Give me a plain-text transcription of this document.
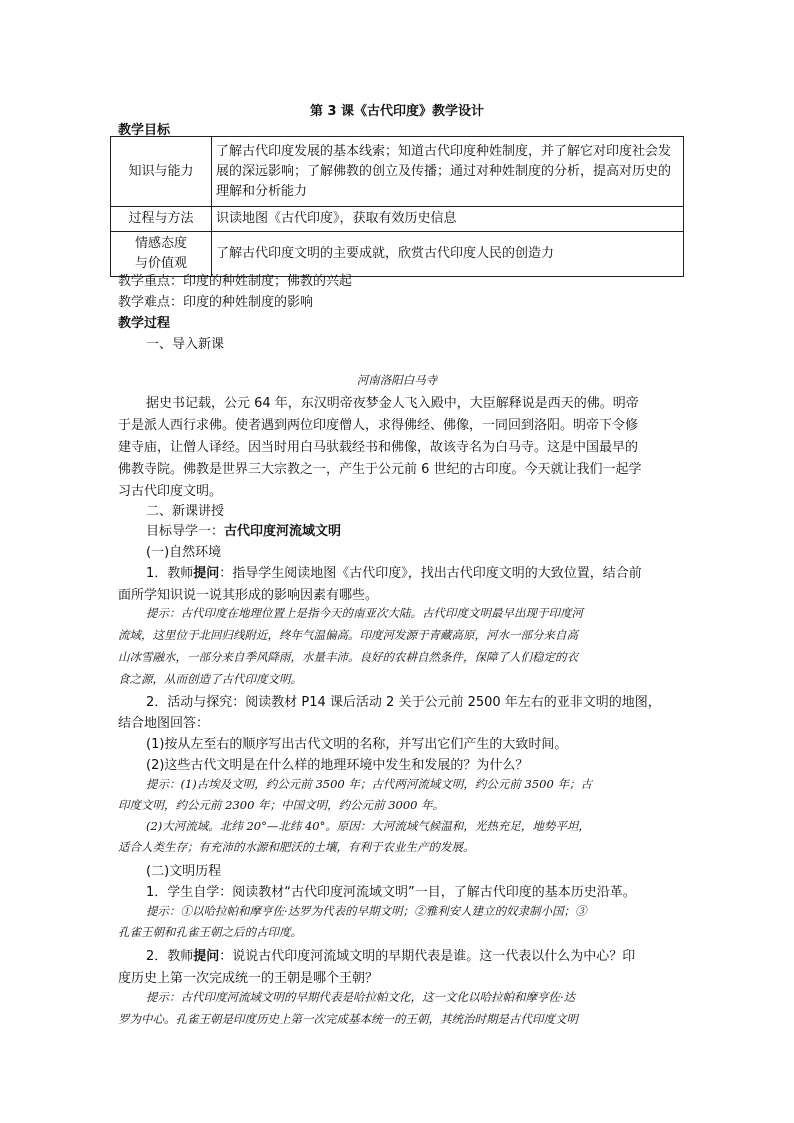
第 3 课《古代印度》教学设计
教学目标
知识与能力	了解古代印度发展的基本线索；知道古代印度种姓制度，并了解它对印度社会发展的深远影响；了解佛教的创立及传播；通过对种姓制度的分析，提高对历史的理解和分析能力
过程与方法	识读地图《古代印度》，获取有效历史信息

情感态度
与价值观	了解古代印度文明的主要成就，欣赏古代印度人民的创造力
教学重点：印度的种姓制度；佛教的兴起
教学难点：印度的种姓制度的影响
教学过程
一、导入新课
河南洛阳白马寺
据史书记载，公元 64 年，东汉明帝夜梦金人飞入殿中，大臣解释说是西天的佛。明帝
于是派人西行求佛。使者遇到两位印度僧人，求得佛经、佛像，一同回到洛阳。明帝下令修
建寺庙，让僧人译经。因当时用白马驮载经书和佛像，故该寺名为白马寺。这是中国最早的
佛教寺院。佛教是世界三大宗教之一，产生于公元前 6 世纪的古印度。今天就让我们一起学
习古代印度文明。
二、新课讲授
目标导学一：古代印度河流域文明
(一)自然环境
1．教师提问：指导学生阅读地图《古代印度》，找出古代印度文明的大致位置，结合前
面所学知识说一说其形成的影响因素有哪些。
提示：古代印度在地理位置上是指今天的南亚次大陆。古代印度文明最早出现于印度河
流域，这里位于北回归线附近，终年气温偏高。印度河发源于青藏高原，河水一部分来自高
山冰雪融水，一部分来自季风降雨，水量丰沛。良好的农耕自然条件，保障了人们稳定的衣
食之源，从而创造了古代印度文明。
2．活动与探究：阅读教材 P14 课后活动 2 关于公元前 2500 年左右的亚非文明的地图，
结合地图回答：
(1)按从左至右的顺序写出古代文明的名称，并写出它们产生的大致时间。
(2)这些古代文明是在什么样的地理环境中发生和发展的？为什么？
提示：(1)古埃及文明，约公元前 3500 年；古代两河流域文明，约公元前 3500 年；古
印度文明，约公元前 2300 年；中国文明，约公元前 3000 年。
(2)大河流域。北纬 20°—北纬 40°。原因：大河流域气候温和，光热充足，地势平坦，
适合人类生存；有充沛的水源和肥沃的土壤，有利于农业生产的发展。
(二)文明历程
1．学生自学：阅读教材“古代印度河流域文明”一目，了解古代印度的基本历史沿革。
提示：①以哈拉帕和摩亨佐·达罗为代表的早期文明；②雅利安人建立的奴隶制小国；③
孔雀王朝和孔雀王朝之后的古印度。
2．教师提问：说说古代印度河流域文明的早期代表是谁。这一代表以什么为中心？印
度历史上第一次完成统一的王朝是哪个王朝？
提示：古代印度河流域文明的早期代表是哈拉帕文化，这一文化以哈拉帕和摩亨佐·达
罗为中心。孔雀王朝是印度历史上第一次完成基本统一的王朝，其统治时期是古代印度文明
